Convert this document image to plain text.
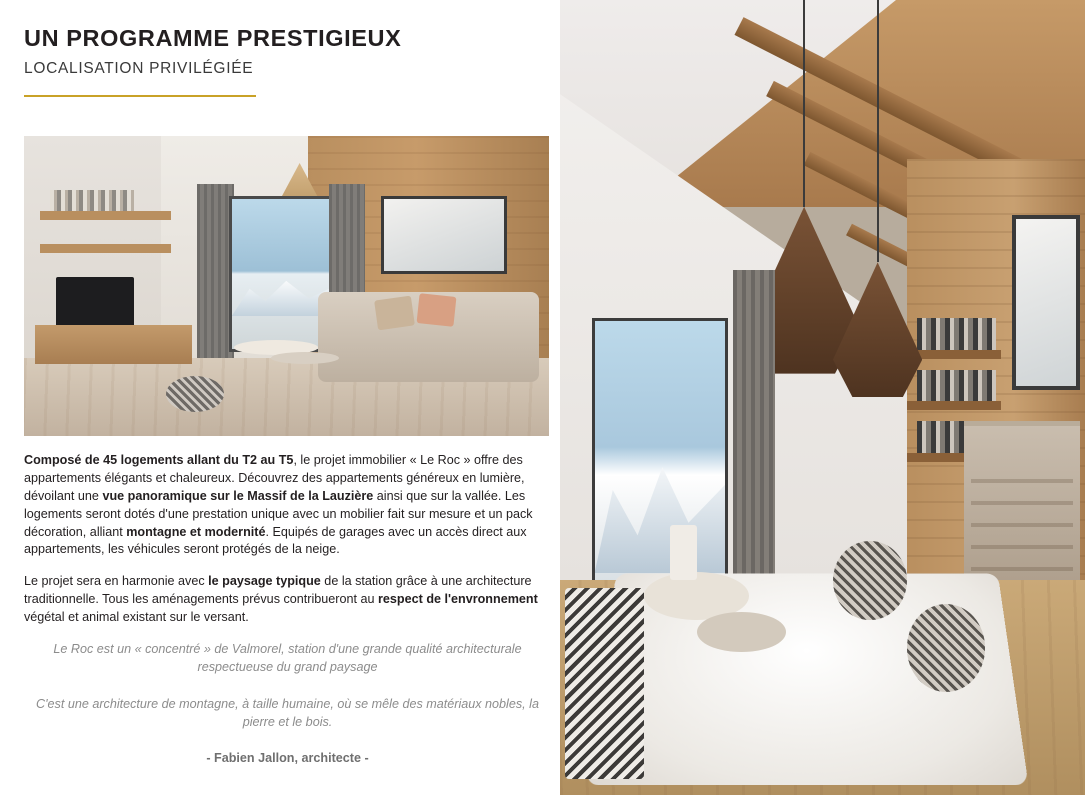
UN PROGRAMME PRESTIGIEUX
LOCALISATION PRIVILÉGIÉE

Composé de 45 logements allant du T2 au T5, le projet immobilier « Le Roc » offre des appartements élégants et chaleureux. Découvrez des appartements généreux en lumière, dévoilant une vue panoramique sur le Massif de la Lauzière ainsi que sur la vallée. Les logements seront dotés d'une prestation unique avec un mobilier fait sur mesure et un pack décoration, alliant montagne et modernité. Equipés de garages avec un accès direct aux appartements, les véhicules seront protégés de la neige.

Le projet sera en harmonie avec le paysage typique de la station grâce à une architecture traditionnelle. Tous les aménagements prévus contribueront au respect de l'envronnement végétal et animal existant sur le versant.

Le Roc est un « concentré » de Valmorel, station d'une grande qualité architecturale respectueuse du grand paysage

C'est une architecture de montagne, à taille humaine, où se mêle des matériaux nobles, la pierre et le bois.

- Fabien Jallon, architecte -
